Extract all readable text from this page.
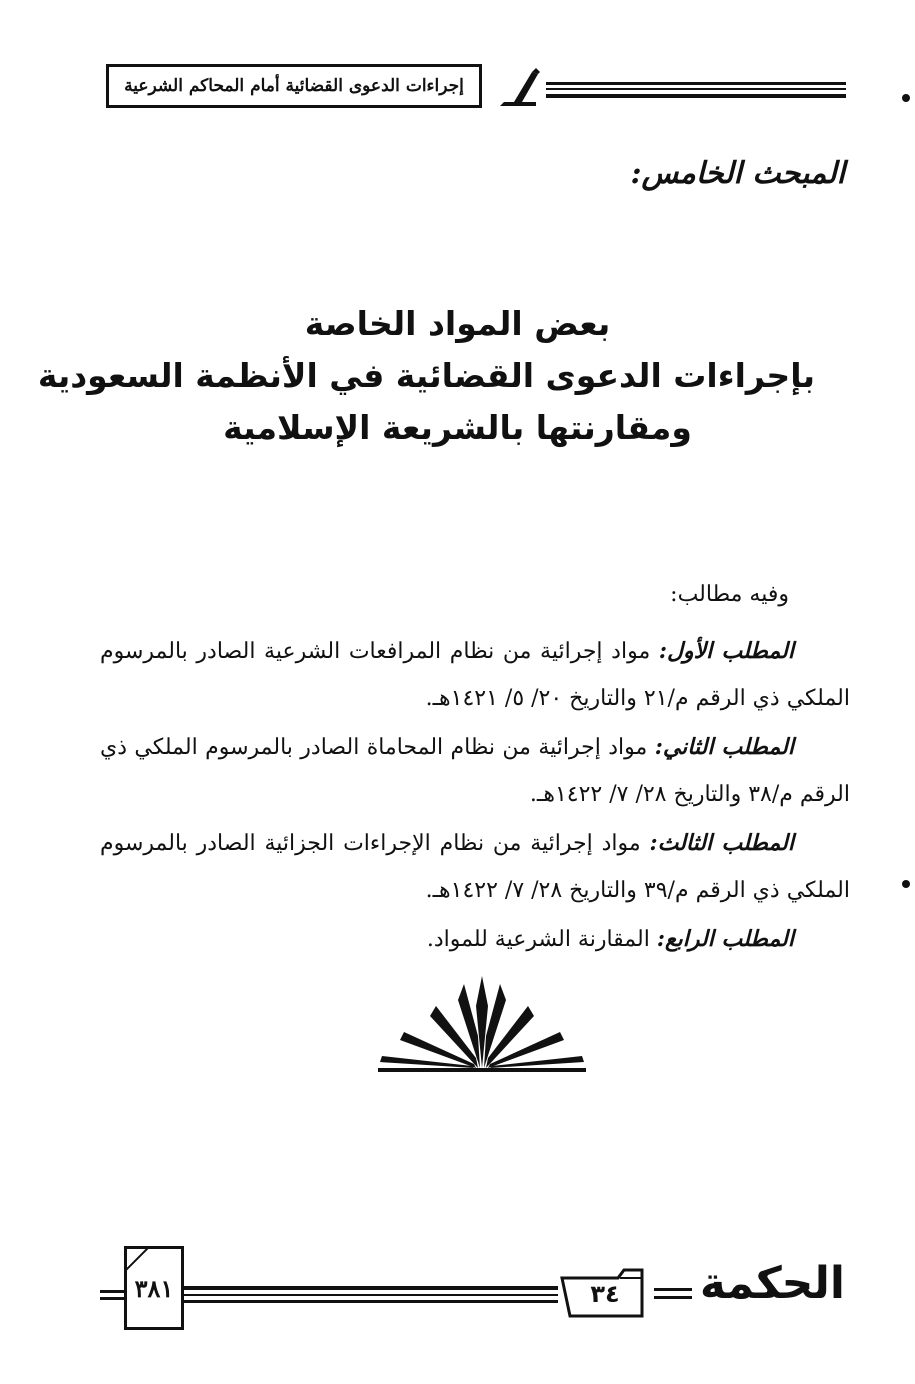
إجراءات الدعوى القضائية أمام المحاكم الشرعية
المبحث الخامس:
بعض المواد الخاصة
بإجراءات الدعوى القضائية في الأنظمة السعودية
ومقارنتها بالشريعة الإسلامية
وفيه مطالب:
المطلب الأول: مواد إجرائية من نظام المرافعات الشرعية الصادر بالمرسوم الملكي ذي الرقم م/٢١ والتاريخ ٢٠/ ٥/ ١٤٢١هـ.
المطلب الثاني: مواد إجرائية من نظام المحاماة الصادر بالمرسوم الملكي ذي الرقم م/٣٨ والتاريخ ٢٨/ ٧/ ١٤٢٢هـ.
المطلب الثالث: مواد إجرائية من نظام الإجراءات الجزائية الصادر بالمرسوم الملكي ذي الرقم م/٣٩ والتاريخ ٢٨/ ٧/ ١٤٢٢هـ.
المطلب الرابع: المقارنة الشرعية للمواد.
٣٨١	٣٤	الحكمة
